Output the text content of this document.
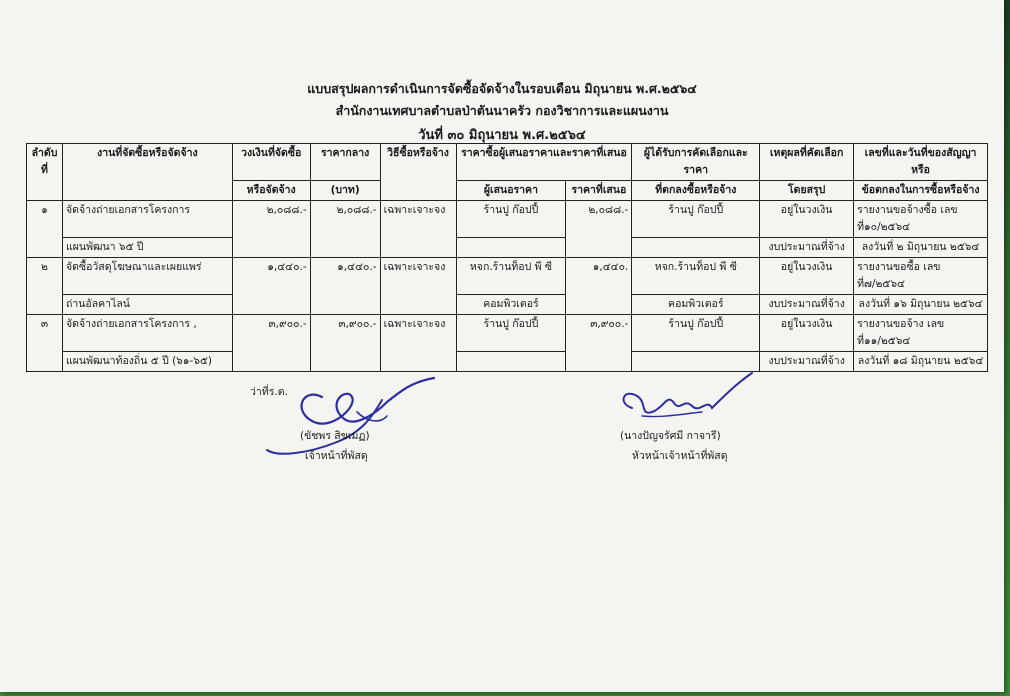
แบบสรุปผลการดำเนินการจัดซื้อจัดจ้างในรอบเดือน มิถุนายน พ.ศ.๒๕๖๔
สำนักงานเทศบาลตำบลป่าตันนาครัว กองวิชาการและแผนงาน
วันที่ ๓๐ มิถุนายน พ.ศ.๒๕๖๔
ลำดับที่	งานที่จัดซื้อหรือจัดจ้าง	วงเงินที่จัดซื้อ	ราคากลาง	วิธีซื้อหรือจ้าง	ราคาซื้อผู้เสนอราคาและราคาที่เสนอ		ผู้ได้รับการคัดเลือกและราคา	เหตุผลที่คัดเลือก	เลขที่และวันที่ของสัญญาหรือ
		หรือจัดจ้าง	(บาท)		ผู้เสนอราคา	ราคาที่เสนอ	ที่ตกลงซื้อหรือจ้าง	โดยสรุป	ข้อตกลงในการซื้อหรือจ้าง
๑	จัดจ้างถ่ายเอกสารโครงการ	๒,๐๘๘.-	๒,๐๘๘.-	เฉพาะเจาะจง	ร้านปู ก๊อปปี้	๒,๐๘๘.-	ร้านปู ก๊อปปี้	อยู่ในวงเงิน	รายงานขอจ้างซื้อ เลขที่๑๐/๒๕๖๔
	แผนพัฒนา ๖๕ ปี							งบประมาณที่จ้าง	ลงวันที่ ๒ มิถุนายน ๒๕๖๔
๒	จัดซื้อวัสดุโฆษณาและเผยแพร่	๑,๔๔๐.-	๑,๔๔๐.-	เฉพาะเจาะจง	หจก.ร้านท็อป พี ซี	๑,๔๔๐.	หจก.ร้านท็อป พี ซี	อยู่ในวงเงิน	รายงานขอซื้อ เลขที่๗/๒๕๖๔
	ถ่านอัลคาไลน์				คอมพิวเตอร์		คอมพิวเตอร์	งบประมาณที่จ้าง	ลงวันที่ ๑๖ มิถุนายน ๒๕๖๔
๓	จัดจ้างถ่ายเอกสารโครงการ ,	๓,๙๐๐.-	๓,๙๐๐.-	เฉพาะเจาะจง	ร้านปู ก๊อปปี้	๓,๙๐๐.-	ร้านปู ก๊อปปี้	อยู่ในวงเงิน	รายงานขอจ้าง เลขที่๑๑/๒๕๖๔
	แผนพัฒนาท้องถิ่น ๕ ปี (๖๑-๖๕)							งบประมาณที่จ้าง	ลงวันที่ ๑๘ มิถุนายน ๒๕๖๔
ว่าที่ร.ต.
(ขัชพร สิขเมฏ)
เจ้าหน้าที่พัสดุ
(นางปัญจรัศมี กาจารี)
หัวหน้าเจ้าหน้าที่พัสดุ
